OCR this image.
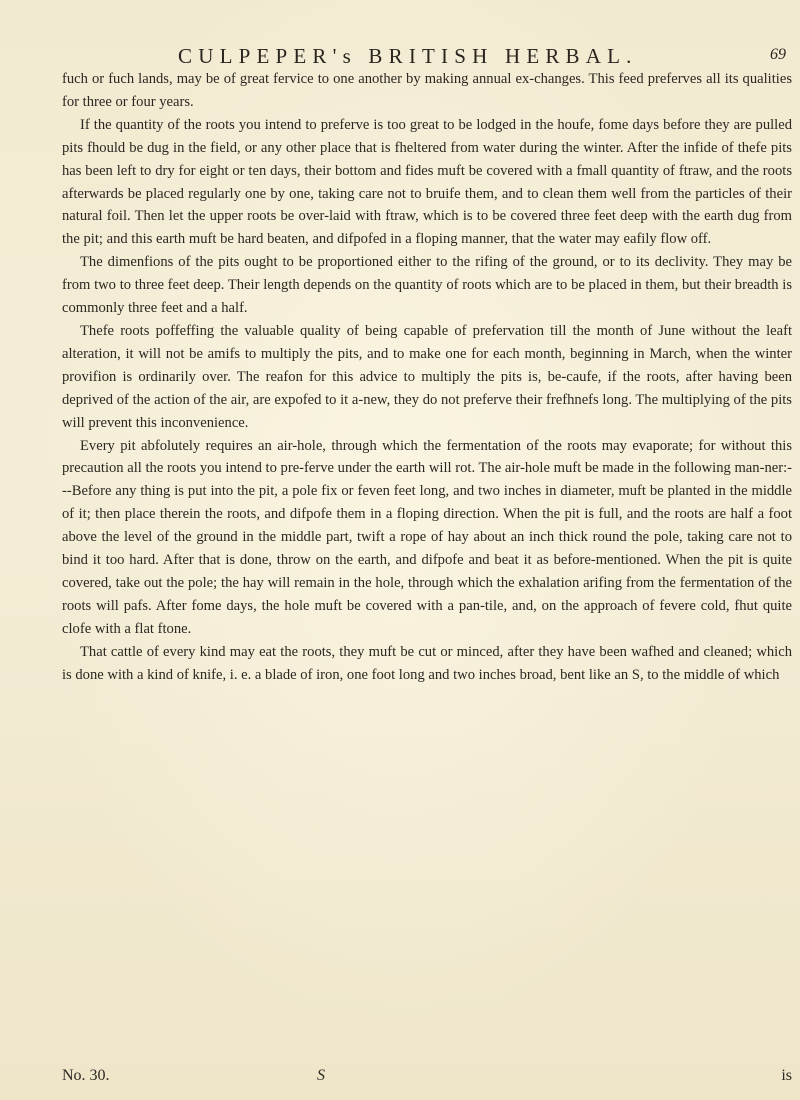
CULPEPER's BRITISH HERBAL.	69

fuch or fuch lands, may be of great fervice to one another by making annual ex-changes. This feed preferves all its qualities for three or four years.

If the quantity of the roots you intend to preferve is too great to be lodged in the houfe, fome days before they are pulled pits fhould be dug in the field, or any other place that is fheltered from water during the winter. After the infide of thefe pits has been left to dry for eight or ten days, their bottom and fides muft be covered with a fmall quantity of ftraw, and the roots afterwards be placed regularly one by one, taking care not to bruife them, and to clean them well from the particles of their natural foil. Then let the upper roots be over-laid with ftraw, which is to be covered three feet deep with the earth dug from the pit; and this earth muft be hard beaten, and difpofed in a floping manner, that the water may eafily flow off.

The dimenfions of the pits ought to be proportioned either to the rifing of the ground, or to its declivity. They may be from two to three feet deep. Their length depends on the quantity of roots which are to be placed in them, but their breadth is commonly three feet and a half.

Thefe roots poffeffing the valuable quality of being capable of prefervation till the month of June without the leaft alteration, it will not be amifs to multiply the pits, and to make one for each month, beginning in March, when the winter provifion is ordinarily over. The reafon for this advice to multiply the pits is, be-caufe, if the roots, after having been deprived of the action of the air, are expofed to it a-new, they do not preferve their frefhnefs long. The multiplying of the pits will prevent this inconvenience.

Every pit abfolutely requires an air-hole, through which the fermentation of the roots may evaporate; for without this precaution all the roots you intend to pre-ferve under the earth will rot. The air-hole muft be made in the following man-ner:---Before any thing is put into the pit, a pole fix or feven feet long, and two inches in diameter, muft be planted in the middle of it; then place therein the roots, and difpofe them in a floping direction. When the pit is full, and the roots are half a foot above the level of the ground in the middle part, twift a rope of hay about an inch thick round the pole, taking care not to bind it too hard. After that is done, throw on the earth, and difpofe and beat it as before-mentioned. When the pit is quite covered, take out the pole; the hay will remain in the hole, through which the exhalation arifing from the fermentation of the roots will pafs. After fome days, the hole muft be covered with a pan-tile, and, on the approach of fevere cold, fhut quite clofe with a flat ftone.

That cattle of every kind may eat the roots, they muft be cut or minced, after they have been wafhed and cleaned; which is done with a kind of knife, i. e. a blade of iron, one foot long and two inches broad, bent like an S, to the middle of which

No. 30.	S	is
